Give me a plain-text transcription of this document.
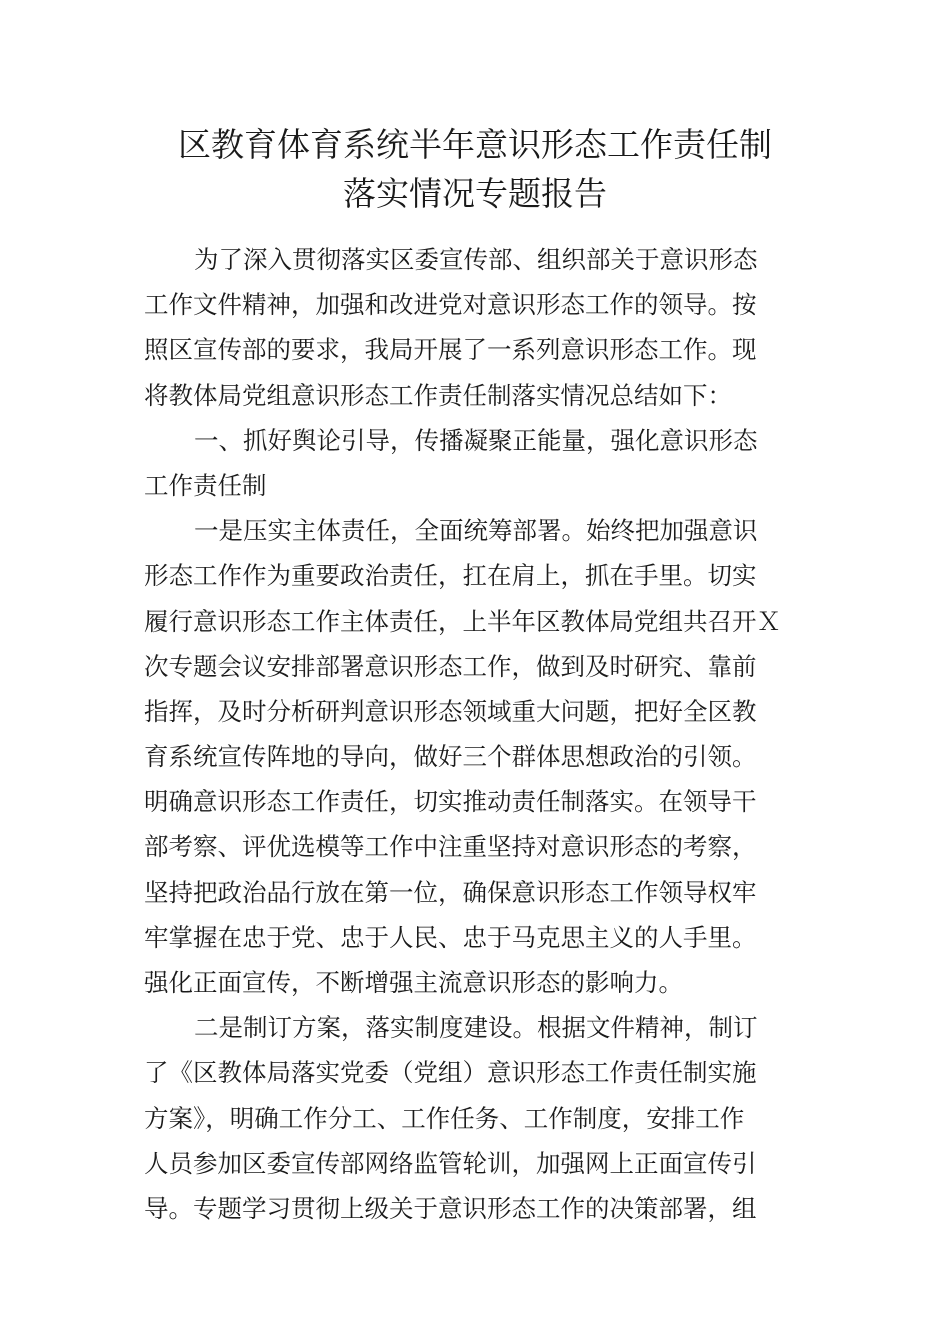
区教育体育系统半年意识形态工作责任制
落实情况专题报告

为了深入贯彻落实区委宣传部、组织部关于意识形态

工作文件精神，加强和改进党对意识形态工作的领导。按

照区宣传部的要求，我局开展了一系列意识形态工作。现

将教体局党组意识形态工作责任制落实情况总结如下：

一、抓好舆论引导，传播凝聚正能量，强化意识形态

工作责任制

一是压实主体责任，全面统筹部署。始终把加强意识

形态工作作为重要政治责任，扛在肩上，抓在手里。切实

履行意识形态工作主体责任，上半年区教体局党组共召开Ｘ

次专题会议安排部署意识形态工作，做到及时研究、靠前

指挥，及时分析研判意识形态领域重大问题，把好全区教

育系统宣传阵地的导向，做好三个群体思想政治的引领。

明确意识形态工作责任，切实推动责任制落实。在领导干

部考察、评优选模等工作中注重坚持对意识形态的考察，

坚持把政治品行放在第一位，确保意识形态工作领导权牢

牢掌握在忠于党、忠于人民、忠于马克思主义的人手里。

强化正面宣传，不断增强主流意识形态的影响力。

二是制订方案，落实制度建设。根据文件精神，制订

了《区教体局落实党委（党组）意识形态工作责任制实施

方案》，明确工作分工、工作任务、工作制度，安排工作

人员参加区委宣传部网络监管轮训，加强网上正面宣传引

导。专题学习贯彻上级关于意识形态工作的决策部署，组
